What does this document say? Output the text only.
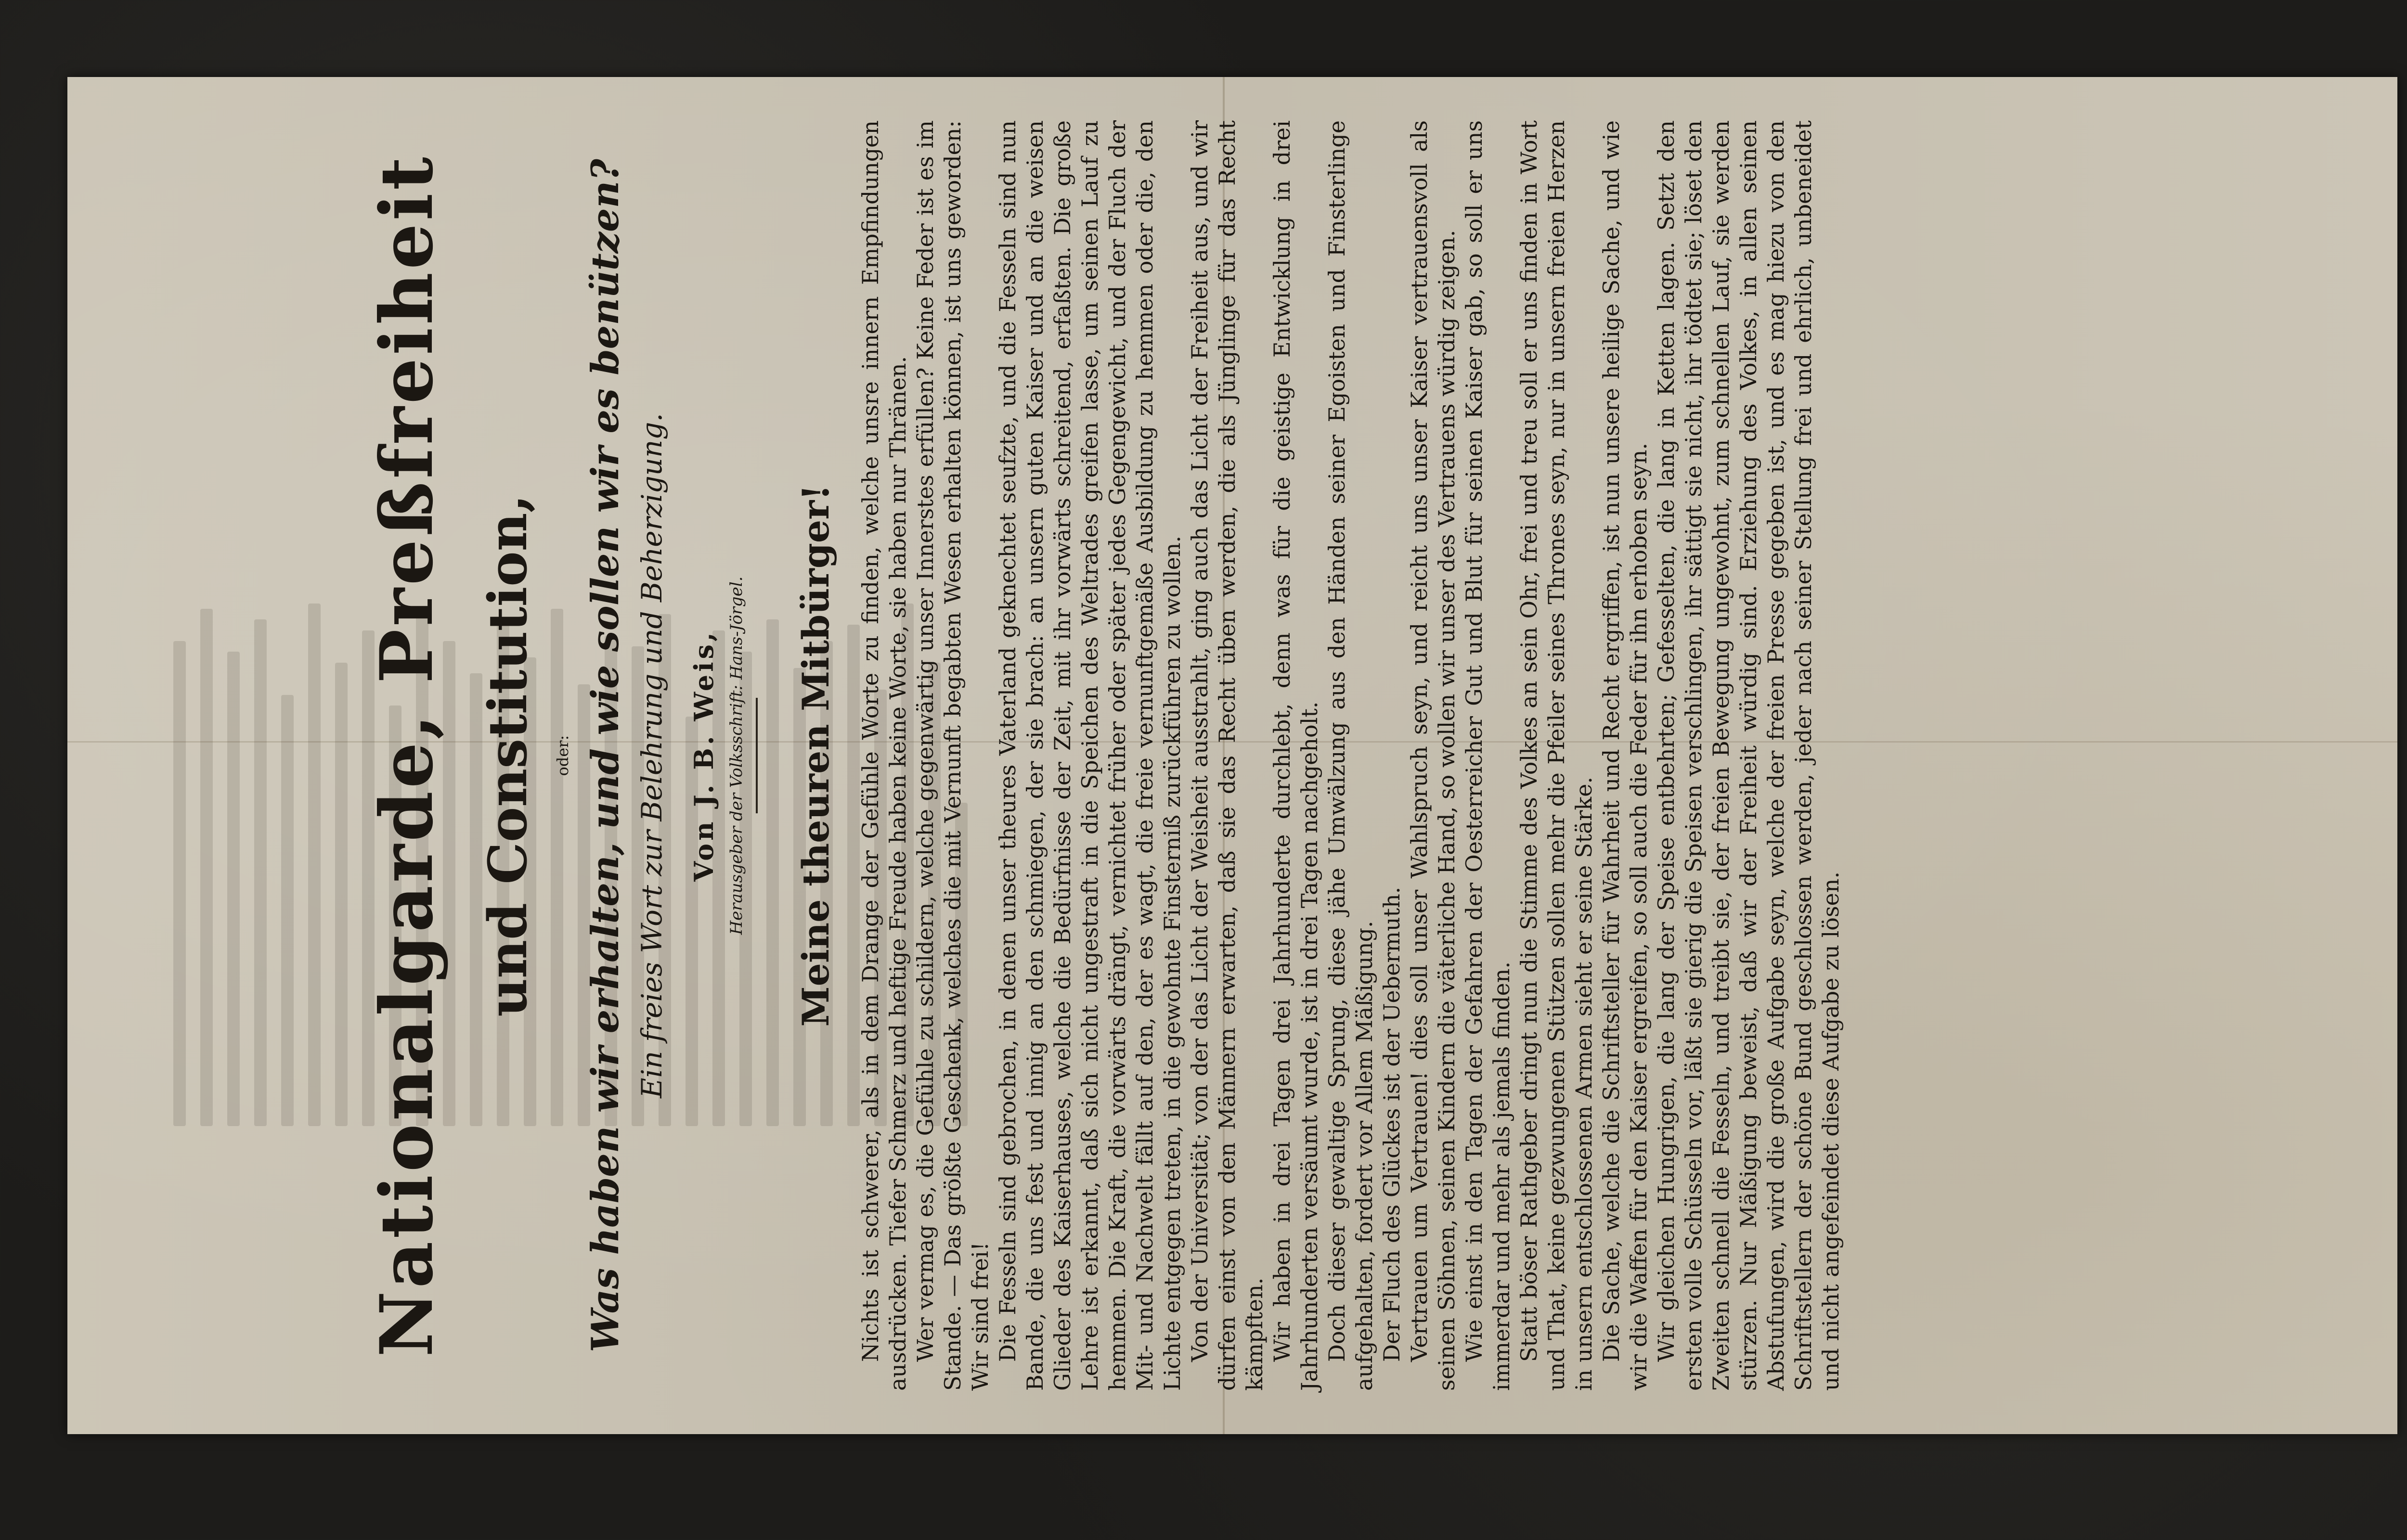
Nationalgarde, Preßfreiheit und Constitution, oder: Was haben wir erhalten, und wie sollen wir es benützen? Ein freies Wort zur Belehrung und Beherzigung. Von J. B. Weis, Herausgeber der Volksschrift: Hans-Jörgel. Meine theuren Mitbürger! Nichts ist schwerer, als in dem Drange der Gefühle Worte zu finden, welche unsre innern Empfindungen ausdrücken. Tiefer Schmerz und heftige Freude haben keine Worte, sie haben nur Thränen. Wer vermag es, die Gefühle zu schildern, welche gegenwärtig unser Innerstes erfüllen? Keine Feder ist es im Stande. — Das größte Geschenk, welches die mit Vernunft begabten Wesen erhalten können, ist uns geworden: Wir sind frei! Die Fesseln sind gebrochen, in denen unser theures Vaterland geknechtet seufzte, und die Fesseln sind nun Bande, die uns fest und innig an den schmiegen, der sie brach: an unsern guten Kaiser und an die weisen Glieder des Kaiserhauses, welche die Bedürfnisse der Zeit, mit ihr vorwärts schreitend, erfaßten. Die große Lehre ist erkannt, daß sich nicht ungestraft in die Speichen des Weltrades greifen lasse, um seinen Lauf zu hemmen. Die Kraft, die vorwärts drängt, vernichtet früher oder später jedes Gegengewicht, und der Fluch der Mit- und Nachwelt fällt auf den, der es wagt, die freie vernunftgemäße Ausbildung zu hemmen oder die, den Lichte entgegen treten, in die gewohnte Finsterniß zurückführen zu wollen. Von der Universität; von der das Licht der Weisheit ausstrahlt, ging auch das Licht der Freiheit aus, und wir dürfen einst von den Männern erwarten, daß sie das Recht üben werden, die als Jünglinge für das Recht kämpften. Wir haben in drei Tagen drei Jahrhunderte durchlebt, denn was für die geistige Entwicklung in drei Jahrhunderten versäumt wurde, ist in drei Tagen nachgeholt. Doch dieser gewaltige Sprung, diese jähe Umwälzung aus den Händen seiner Egoisten und Finsterlinge aufgehalten, fordert vor Allem Mäßigung. Der Fluch des Glückes ist der Uebermuth. Vertrauen um Vertrauen! dies soll unser Wahlspruch seyn, und reicht uns unser Kaiser vertrauensvoll als seinen Söhnen, seinen Kindern die väterliche Hand, so wollen wir unser des Vertrauens würdig zeigen. Wie einst in den Tagen der Gefahren der Oesterreicher Gut und Blut für seinen Kaiser gab, so soll er uns immerdar und mehr als jemals finden. Statt böser Rathgeber dringt nun die Stimme des Volkes an sein Ohr, frei und treu soll er uns finden in Wort und That, keine gezwungenen Stützen sollen mehr die Pfeiler seines Thrones seyn, nur in unsern freien Herzen in unsern entschlossenen Armen sieht er seine Stärke. Die Sache, welche die Schriftsteller für Wahrheit und Recht ergriffen, ist nun unsere heilige Sache, und wie wir die Waffen für den Kaiser ergreifen, so soll auch die Feder für ihn erhoben seyn. Wir gleichen Hungrigen, die lang der Speise entbehrten; Gefesselten, die lang in Ketten lagen. Setzt den ersten volle Schüsseln vor, läßt sie gierig die Speisen verschlingen, ihr sättigt sie nicht, ihr tödtet sie; löset den Zweiten schnell die Fesseln, und treibt sie, der freien Bewegung ungewohnt, zum schnellen Lauf, sie werden stürzen. Nur Mäßigung beweist, daß wir der Freiheit würdig sind. Erziehung des Volkes, in allen seinen Abstufungen, wird die große Aufgabe seyn, welche der freien Presse gegeben ist, und es mag hiezu von den Schriftstellern der schöne Bund geschlossen werden, jeder nach seiner Stellung frei und ehrlich, unbeneidet und nicht angefeindet diese Aufgabe zu lösen.
